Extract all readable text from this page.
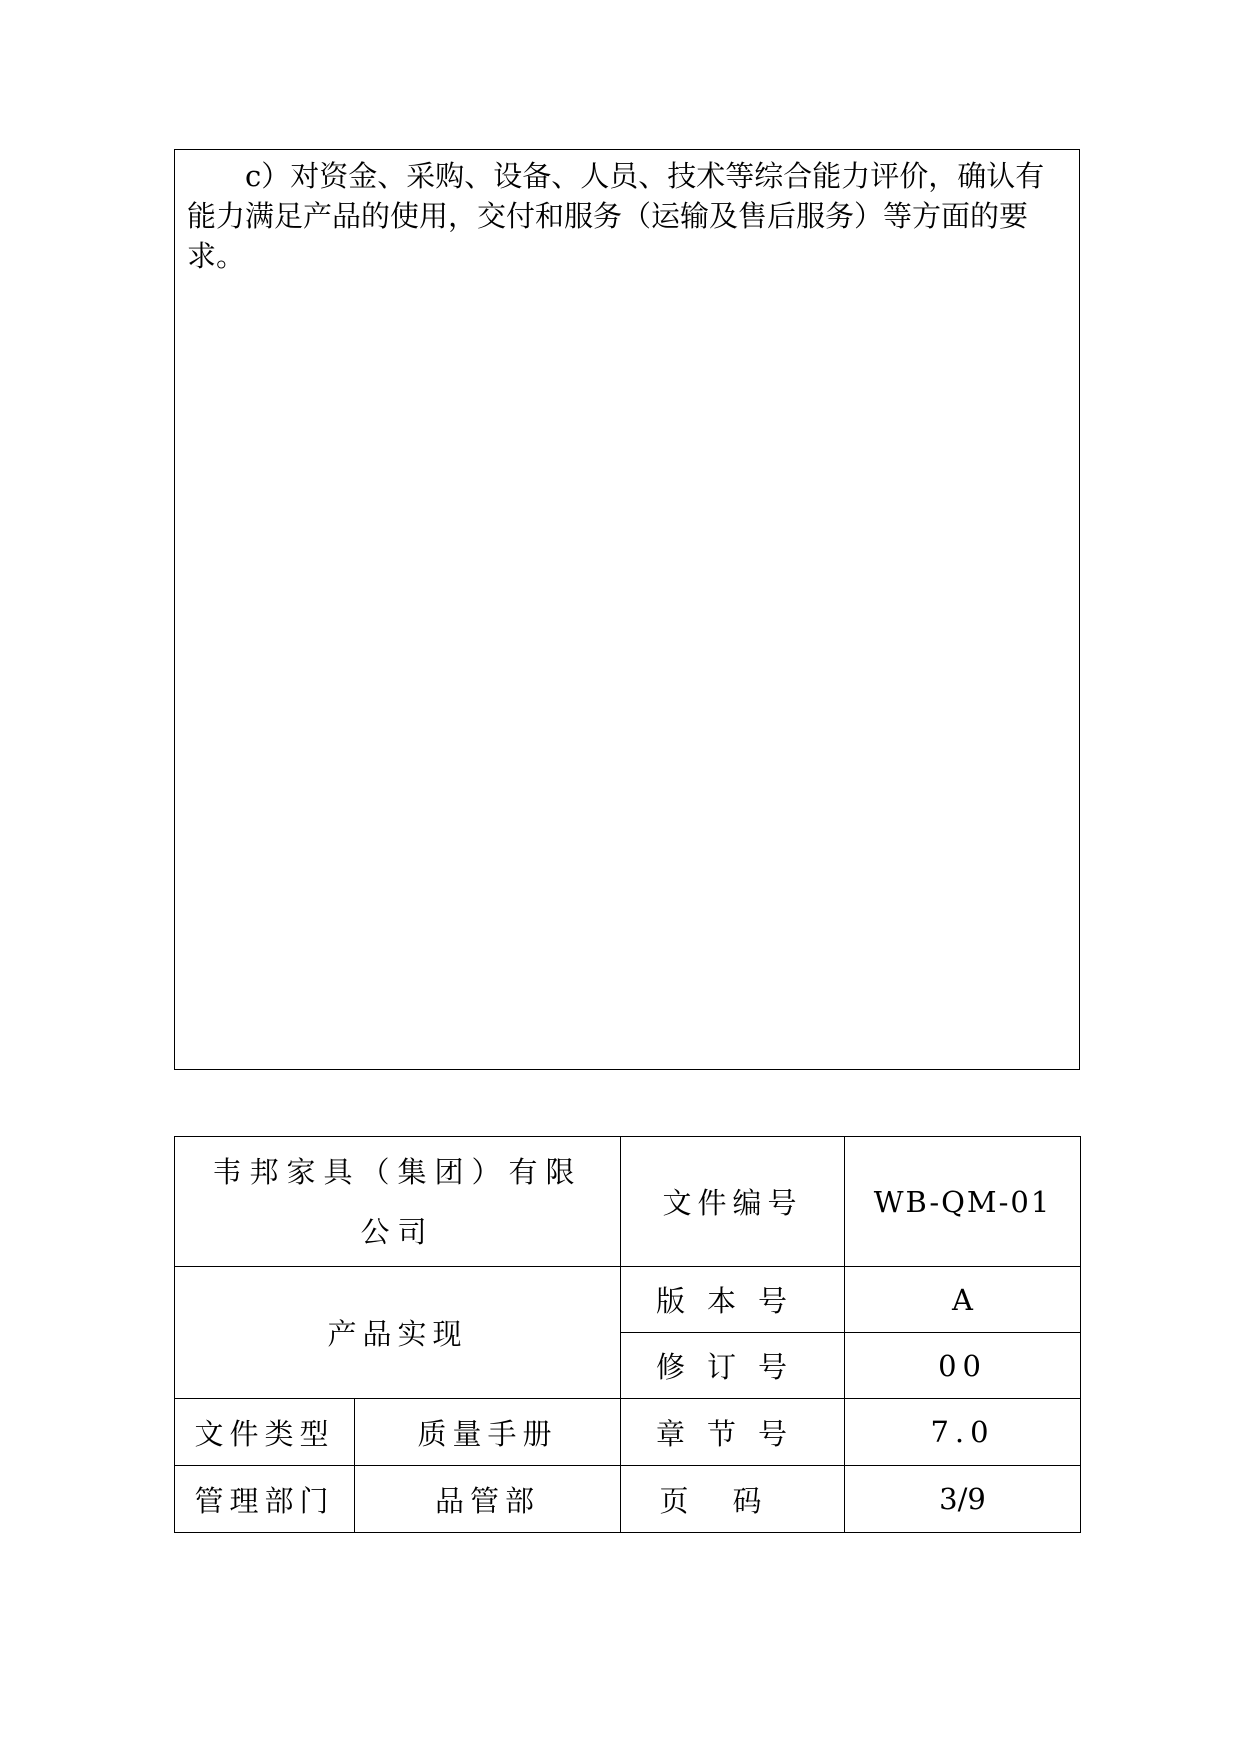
c）对资金、采购、设备、人员、技术等综合能力评价，确认有能力满足产品的使用，交付和服务（运输及售后服务）等方面的要求。

韦邦家具（集团）有限公司		文件编号	WB-QM-01
产品实现		版本号	A
		修订号	00
文件类型	质量手册	章节号	7.0
管理部门	品管部	页码	3/9
